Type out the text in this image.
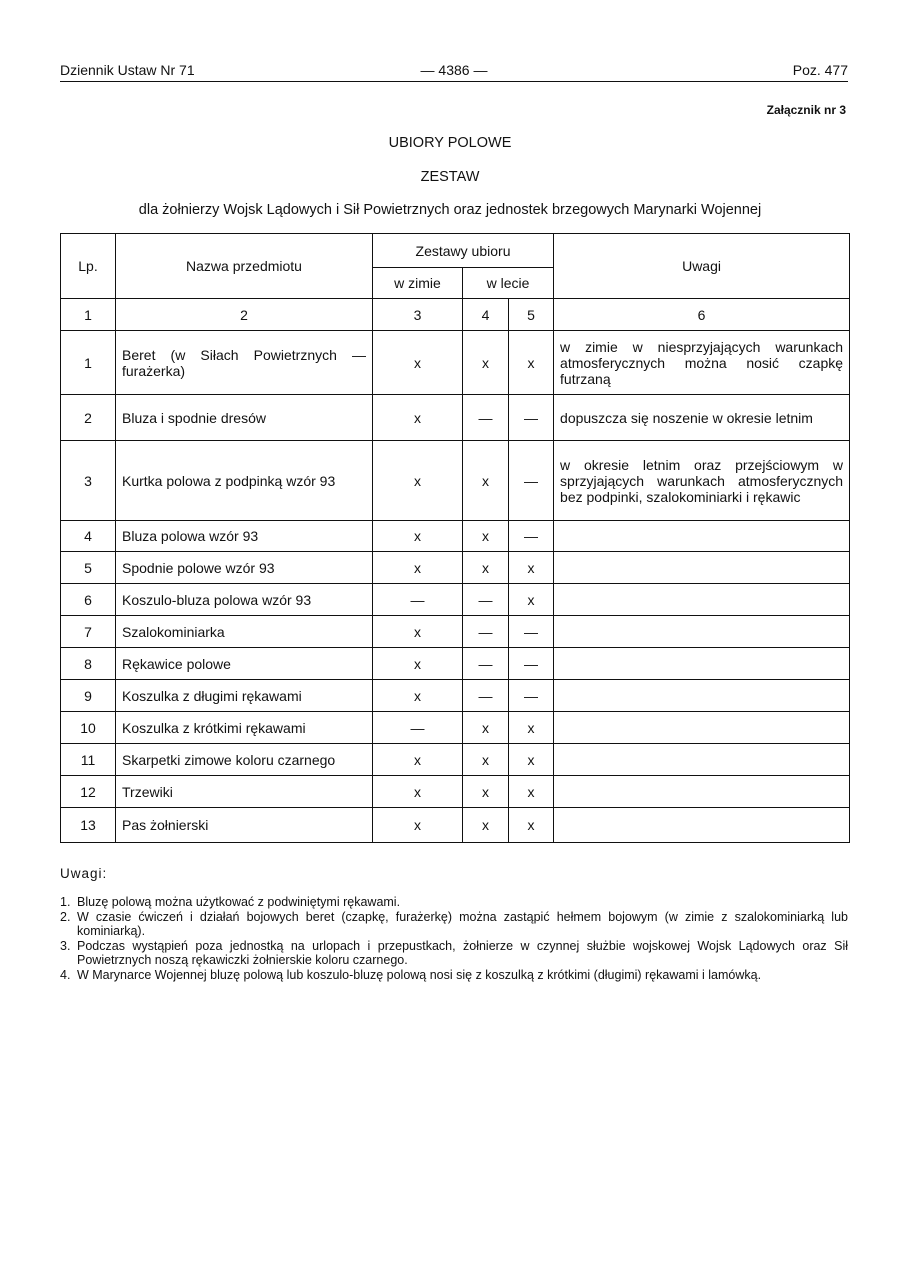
Dziennik Ustaw Nr 71	— 4386 —	Poz. 477
Załącznik nr 3
UBIORY POLOWE
ZESTAW
dla żołnierzy Wojsk Lądowych i Sił Powietrznych oraz jednostek brzegowych Marynarki Wojennej
Lp.	Nazwa przedmiotu	Zestawy ubioru			Uwagi
		w zimie	w lecie		
1	2	3	4	5	6
1	Beret (w Siłach Powietrznych — furażerka)	x	x	x	w zimie w niesprzyjających warunkach atmosferycznych można nosić czapkę futrzaną
2	Bluza i spodnie dresów	x	—	—	dopuszcza się noszenie w okresie letnim
3	Kurtka polowa z podpinką wzór 93	x	x	—	w okresie letnim oraz przejściowym w sprzyjających warunkach atmosferycznych bez podpinki, szalokominiarki i rękawic
4	Bluza polowa wzór 93	x	x	—	
5	Spodnie polowe wzór 93	x	x	x	
6	Koszulo-bluza polowa wzór 93	—	—	x	
7	Szalokominiarka	x	—	—	
8	Rękawice polowe	x	—	—	
9	Koszulka z długimi rękawami	x	—	—	
10	Koszulka z krótkimi rękawami	—	x	x	
11	Skarpetki zimowe koloru czarnego	x	x	x	
12	Trzewiki	x	x	x	
13	Pas żołnierski	x	x	x	
Uwagi:
1. Bluzę polową można użytkować z podwiniętymi rękawami.
2. W czasie ćwiczeń i działań bojowych beret (czapkę, furażerkę) można zastąpić hełmem bojowym (w zimie z szalokominiarką lub kominiarką).
3. Podczas wystąpień poza jednostką na urlopach i przepustkach, żołnierze w czynnej służbie wojskowej Wojsk Lądowych oraz Sił Powietrznych noszą rękawiczki żołnierskie koloru czarnego.
4. W Marynarce Wojennej bluzę polową lub koszulo-bluzę polową nosi się z koszulką z krótkimi (długimi) rękawami i lamówką.
